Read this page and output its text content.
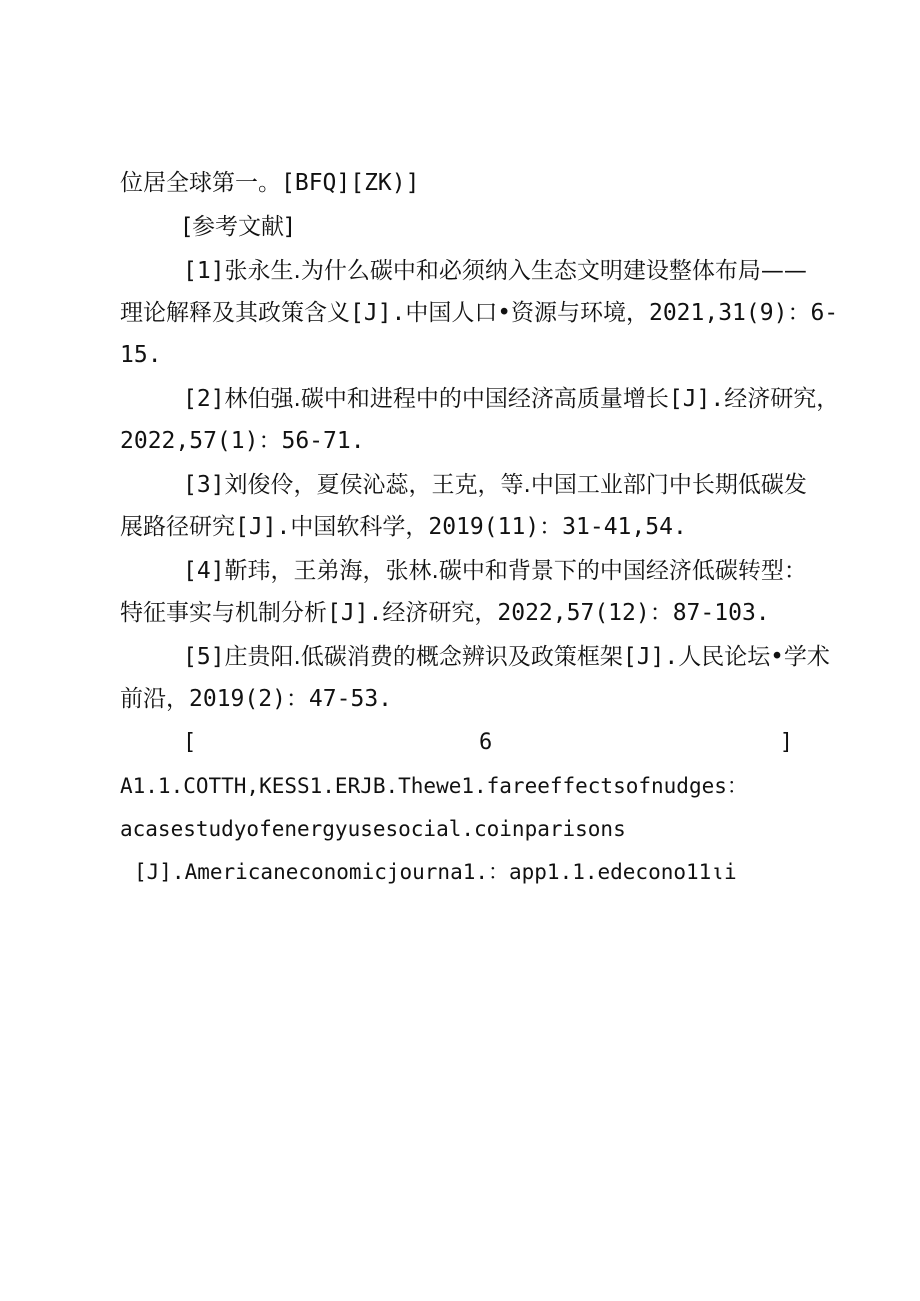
位居全球第一。[BFQ][ZK)]
[参考文献]
[1]张永生.为什么碳中和必须纳入生态文明建设整体布局——
理论解释及其政策含义[J].中国人口•资源与环境，2021,31(9)：6-
15.
[2]林伯强.碳中和进程中的中国经济高质量增长[J].经济研究，
2022,57(1)：56-71.
[3]刘俊伶，夏侯沁蕊，王克，等.中国工业部门中长期低碳发
展路径研究[J].中国软科学，2019(11)：31-41,54.
[4]靳玮，王弟海，张林.碳中和背景下的中国经济低碳转型：
特征事实与机制分析[J].经济研究，2022,57(12)：87-103.
[5]庄贵阳.低碳消费的概念辨识及政策框架[J].人民论坛•学术
前沿，2019(2)：47-53.
[	6	]
A1.1.COTTH,KESS1.ERJB.Thewe1.fareeffectsofnudges：
acasestudyofenergyusesocial.coinparisons
[J].Americaneconomicjourna1.：app1.1.edecono11ιi
